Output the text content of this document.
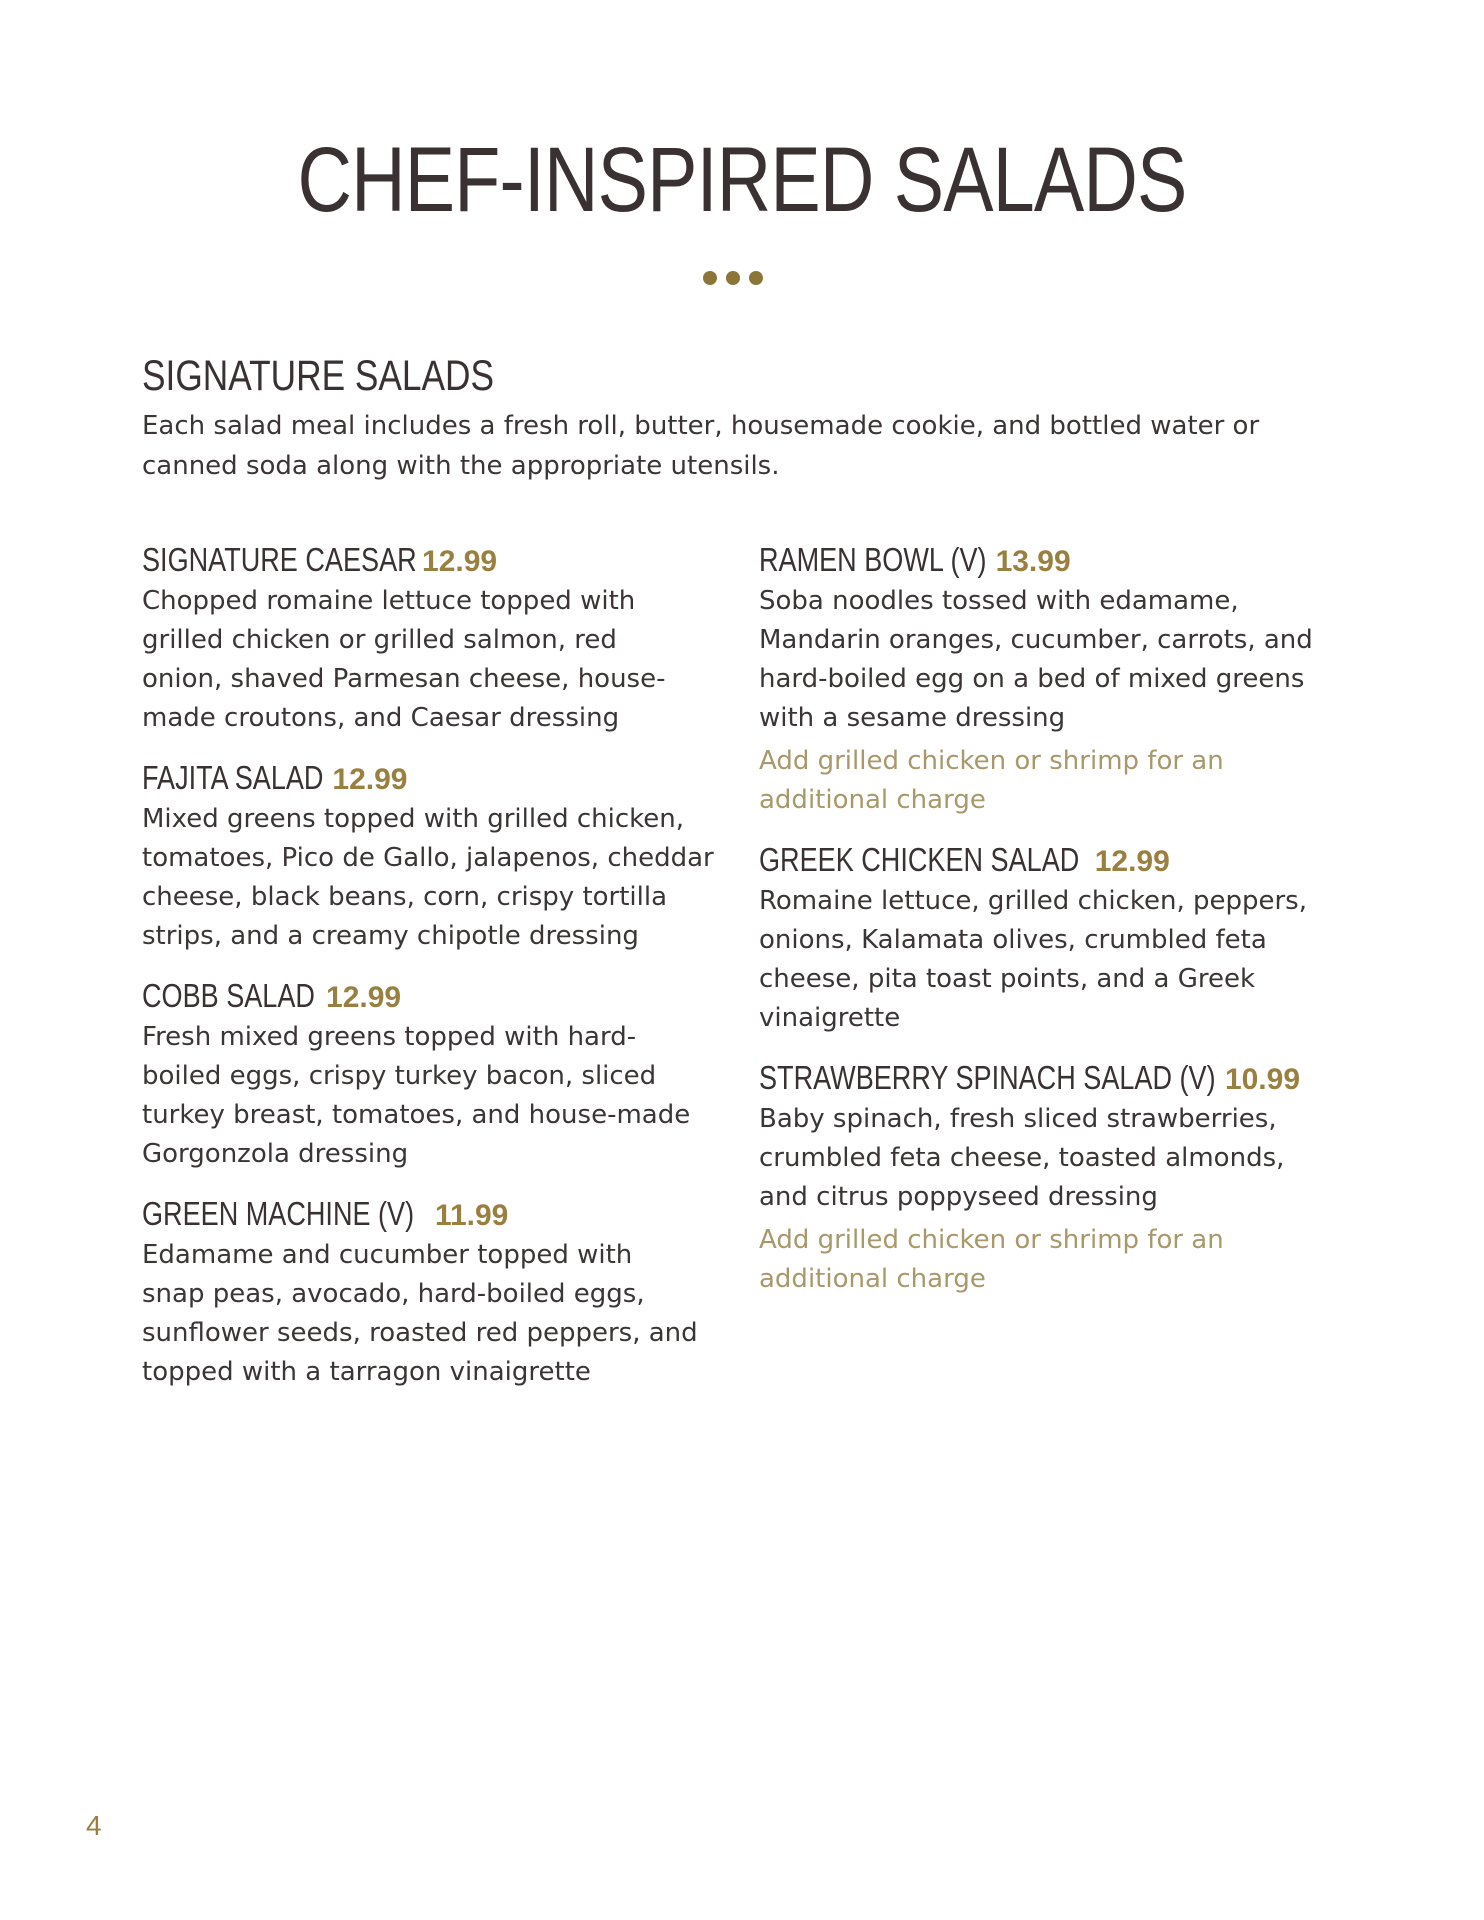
CHEF-INSPIRED SALADS
SIGNATURE SALADS

Each salad meal includes a fresh roll, butter, housemade cookie, and bottled water or canned soda along with the appropriate utensils.

SIGNATURE CAESAR 12.99

Chopped romaine lettuce topped with grilled chicken or grilled salmon, red onion, shaved Parmesan cheese, house-made croutons, and Caesar dressing

FAJITA SALAD 12.99

Mixed greens topped with grilled chicken, tomatoes, Pico de Gallo, jalapenos, cheddar cheese, black beans, corn, crispy tortilla strips, and a creamy chipotle dressing

COBB SALAD 12.99

Fresh mixed greens topped with hard-boiled eggs, crispy turkey bacon, sliced turkey breast, tomatoes, and house-made Gorgonzola dressing

GREEN MACHINE (V) 11.99

Edamame and cucumber topped with snap peas, avocado, hard-boiled eggs, sunflower seeds, roasted red peppers, and topped with a tarragon vinaigrette

RAMEN BOWL (V) 13.99

Soba noodles tossed with edamame, Mandarin oranges, cucumber, carrots, and hard-boiled egg on a bed of mixed greens with a sesame dressing

Add grilled chicken or shrimp for an additional charge

GREEK CHICKEN SALAD 12.99

Romaine lettuce, grilled chicken, peppers, onions, Kalamata olives, crumbled feta cheese, pita toast points, and a Greek vinaigrette

STRAWBERRY SPINACH SALAD (V) 10.99

Baby spinach, fresh sliced strawberries, crumbled feta cheese, toasted almonds, and citrus poppyseed dressing

Add grilled chicken or shrimp for an additional charge

4
